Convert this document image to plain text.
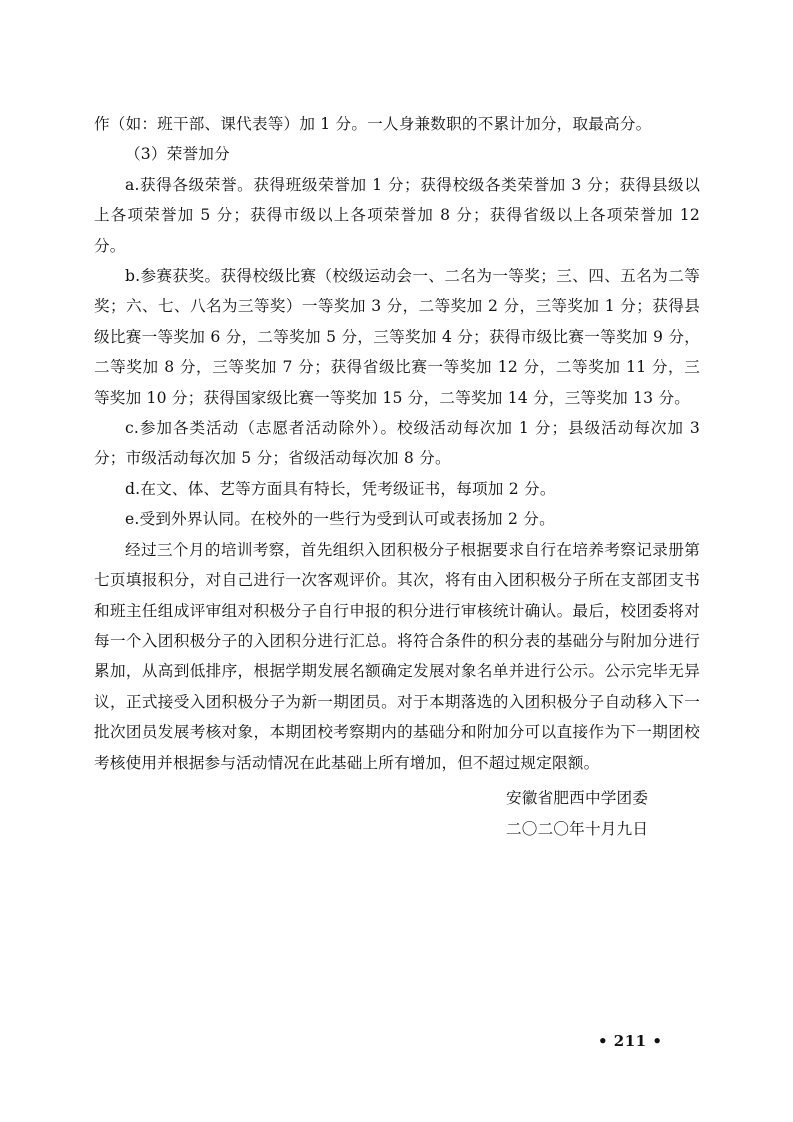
作（如：班干部、课代表等）加 1 分。一人身兼数职的不累计加分，取最高分。

（3）荣誉加分

a.获得各级荣誉。获得班级荣誉加 1 分；获得校级各类荣誉加 3 分；获得县级以上各项荣誉加 5 分；获得市级以上各项荣誉加 8 分；获得省级以上各项荣誉加 12 分。

b.参赛获奖。获得校级比赛（校级运动会一、二名为一等奖；三、四、五名为二等奖；六、七、八名为三等奖）一等奖加 3 分，二等奖加 2 分，三等奖加 1 分；获得县级比赛一等奖加 6 分，二等奖加 5 分，三等奖加 4 分；获得市级比赛一等奖加 9 分，二等奖加 8 分，三等奖加 7 分；获得省级比赛一等奖加 12 分，二等奖加 11 分，三等奖加 10 分；获得国家级比赛一等奖加 15 分，二等奖加 14 分，三等奖加 13 分。

c.参加各类活动（志愿者活动除外）。校级活动每次加 1 分；县级活动每次加 3 分；市级活动每次加 5 分；省级活动每次加 8 分。

d.在文、体、艺等方面具有特长，凭考级证书，每项加 2 分。

e.受到外界认同。在校外的一些行为受到认可或表扬加 2 分。

经过三个月的培训考察，首先组织入团积极分子根据要求自行在培养考察记录册第七页填报积分，对自己进行一次客观评价。其次，将有由入团积极分子所在支部团支书和班主任组成评审组对积极分子自行申报的积分进行审核统计确认。最后，校团委将对每一个入团积极分子的入团积分进行汇总。将符合条件的积分表的基础分与附加分进行累加，从高到低排序，根据学期发展名额确定发展对象名单并进行公示。公示完毕无异议，正式接受入团积极分子为新一期团员。对于本期落选的入团积极分子自动移入下一批次团员发展考核对象，本期团校考察期内的基础分和附加分可以直接作为下一期团校考核使用并根据参与活动情况在此基础上所有增加，但不超过规定限额。

安徽省肥西中学团委
二〇二〇年十月九日
• 211 •
